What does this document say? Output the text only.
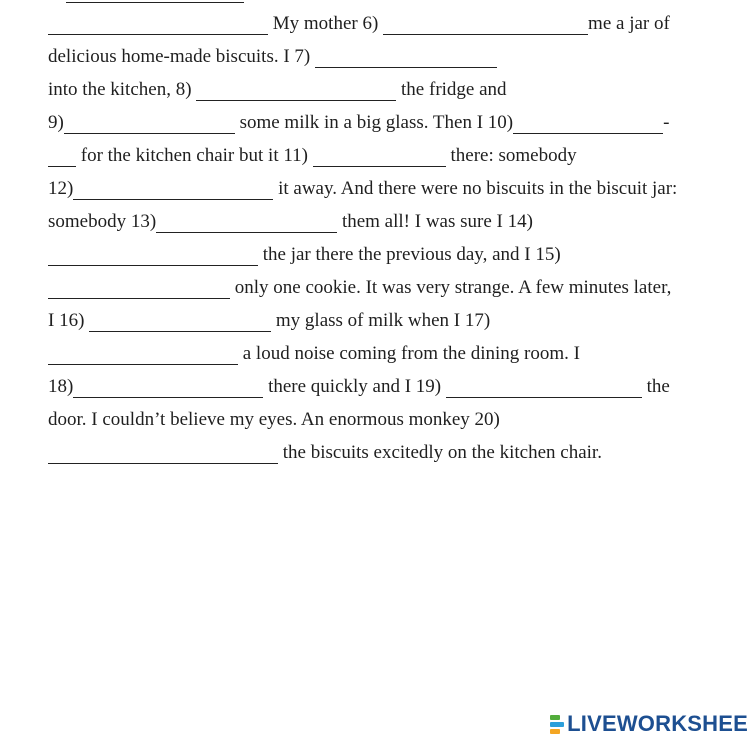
My mother 6)	me a jar of
delicious home-made biscuits. I 7)
into the kitchen, 8)	the fridge and
9)	some milk in a big glass. Then I 10)	-
for the kitchen chair but it 11)	there: somebody
12)	it away. And there were no biscuits in the biscuit jar:
somebody 13)	them all! I was sure I 14)
the jar there the previous day, and I 15)
only one cookie. It was very strange. A few minutes later,
I 16)	my glass of milk when I 17)
a loud noise coming from the dining room. I
18)	there quickly and I 19)	the
door. I couldn’t believe my eyes. An enormous monkey 20)
the biscuits excitedly on the kitchen chair.
LIVEWORKSHEE
